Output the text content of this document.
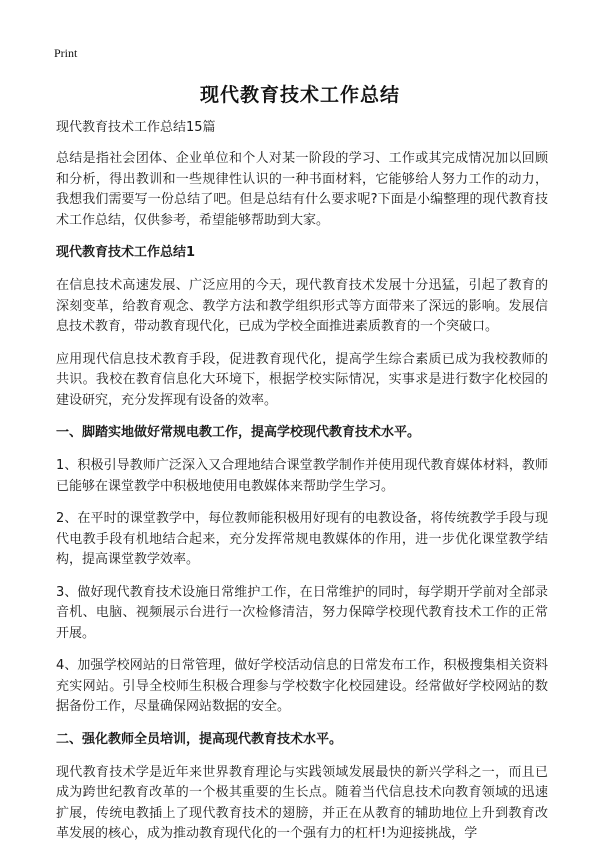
Print
现代教育技术工作总结
现代教育技术工作总结15篇

总结是指社会团体、企业单位和个人对某一阶段的学习、工作或其完成情况加以回顾和分析，得出教训和一些规律性认识的一种书面材料，它能够给人努力工作的动力，我想我们需要写一份总结了吧。但是总结有什么要求呢?下面是小编整理的现代教育技术工作总结，仅供参考，希望能够帮助到大家。

现代教育技术工作总结1

在信息技术高速发展、广泛应用的今天，现代教育技术发展十分迅猛，引起了教育的深刻变革，给教育观念、教学方法和教学组织形式等方面带来了深远的影响。发展信息技术教育，带动教育现代化，已成为学校全面推进素质教育的一个突破口。

应用现代信息技术教育手段，促进教育现代化，提高学生综合素质已成为我校教师的共识。我校在教育信息化大环境下，根据学校实际情况，实事求是进行数字化校园的建设研究，充分发挥现有设备的效率。

一、脚踏实地做好常规电教工作，提高学校现代教育技术水平。

1、积极引导教师广泛深入又合理地结合课堂教学制作并使用现代教育媒体材料，教师已能够在课堂教学中积极地使用电教媒体来帮助学生学习。

2、在平时的课堂教学中，每位教师能积极用好现有的电教设备，将传统教学手段与现代电教手段有机地结合起来，充分发挥常规电教媒体的作用，进一步优化课堂教学结构，提高课堂教学效率。

3、做好现代教育技术设施日常维护工作，在日常维护的同时，每学期开学前对全部录音机、电脑、视频展示台进行一次检修清洁，努力保障学校现代教育技术工作的正常开展。

4、加强学校网站的日常管理，做好学校活动信息的日常发布工作，积极搜集相关资料充实网站。引导全校师生积极合理参与学校数字化校园建设。经常做好学校网站的数据备份工作，尽量确保网站数据的安全。

二、强化教师全员培训，提高现代教育技术水平。

现代教育技术学是近年来世界教育理论与实践领域发展最快的新兴学科之一，而且已成为跨世纪教育改革的一个极其重要的生长点。随着当代信息技术向教育领域的迅速扩展，传统电教插上了现代教育技术的翅膀，并正在从教育的辅助地位上升到教育改革发展的核心，成为推动教育现代化的一个强有力的杠杆!为迎接挑战，学
